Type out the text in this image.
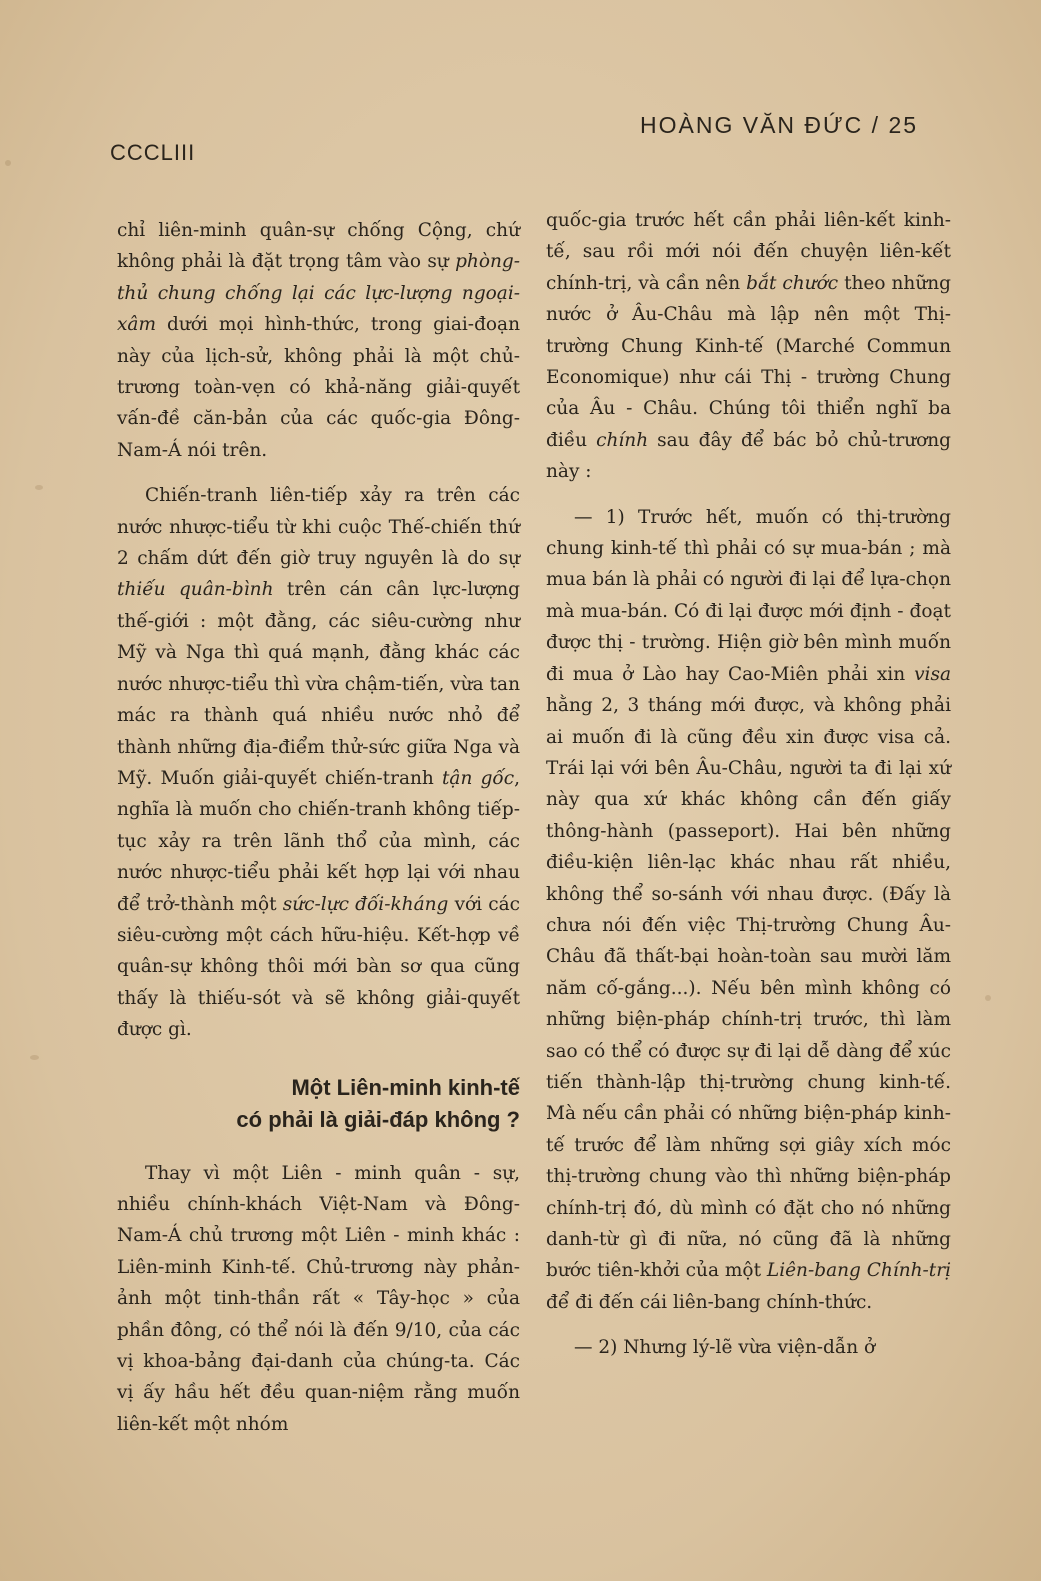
CCCLIII
HOÀNG VĂN ĐỨC / 25

chỉ liên-minh quân-sự chống Cộng, chứ không phải là đặt trọng tâm vào sự phòng-thủ chung chống lại các lực-lượng ngoại-xâm dưới mọi hình-thức, trong giai-đoạn này của lịch-sử, không phải là một chủ-trương toàn-vẹn có khả-năng giải-quyết vấn-đề căn-bản của các quốc-gia Đông-Nam-Á nói trên.

Chiến-tranh liên-tiếp xảy ra trên các nước nhược-tiểu từ khi cuộc Thế-chiến thứ 2 chấm dứt đến giờ truy nguyên là do sự thiếu quân-bình trên cán cân lực-lượng thế-giới : một đằng, các siêu-cường như Mỹ và Nga thì quá mạnh, đằng khác các nước nhược-tiểu thì vừa chậm-tiến, vừa tan mác ra thành quá nhiều nước nhỏ để thành những địa-điểm thử-sức giữa Nga và Mỹ. Muốn giải-quyết chiến-tranh tận gốc, nghĩa là muốn cho chiến-tranh không tiếp-tục xảy ra trên lãnh thổ của mình, các nước nhược-tiểu phải kết hợp lại với nhau để trở-thành một sức-lực đối-kháng với các siêu-cường một cách hữu-hiệu. Kết-hợp về quân-sự không thôi mới bàn sơ qua cũng thấy là thiếu-sót và sẽ không giải-quyết được gì.

Một Liên-minh kinh-tế
có phải là giải-đáp không ?

Thay vì một Liên - minh quân - sự, nhiều chính-khách Việt-Nam và Đông-Nam-Á chủ trương một Liên - minh khác : Liên-minh Kinh-tế. Chủ-trương này phản-ảnh một tinh-thần rất « Tây-học » của phần đông, có thể nói là đến 9/10, của các vị khoa-bảng đại-danh của chúng-ta. Các vị ấy hầu hết đều quan-niệm rằng muốn liên-kết một nhóm

quốc-gia trước hết cần phải liên-kết kinh-tế, sau rồi mới nói đến chuyện liên-kết chính-trị, và cần nên bắt chước theo những nước ở Âu-Châu mà lập nên một Thị-trường Chung Kinh-tế (Marché Commun Economique) như cái Thị - trường Chung của Âu - Châu. Chúng tôi thiển nghĩ ba điều chính sau đây để bác bỏ chủ-trương này :

— 1) Trước hết, muốn có thị-trường chung kinh-tế thì phải có sự mua-bán ; mà mua bán là phải có người đi lại để lựa-chọn mà mua-bán. Có đi lại được mới định - đoạt được thị - trường. Hiện giờ bên mình muốn đi mua ở Lào hay Cao-Miên phải xin visa hằng 2, 3 tháng mới được, và không phải ai muốn đi là cũng đều xin được visa cả. Trái lại với bên Âu-Châu, người ta đi lại xứ này qua xứ khác không cần đến giấy thông-hành (passeport). Hai bên những điều-kiện liên-lạc khác nhau rất nhiều, không thể so-sánh với nhau được. (Đấy là chưa nói đến việc Thị-trường Chung Âu-Châu đã thất-bại hoàn-toàn sau mười lăm năm cố-gắng...). Nếu bên mình không có những biện-pháp chính-trị trước, thì làm sao có thể có được sự đi lại dễ dàng để xúc tiến thành-lập thị-trường chung kinh-tế. Mà nếu cần phải có những biện-pháp kinh-tế trước để làm những sợi giây xích móc thị-trường chung vào thì những biện-pháp chính-trị đó, dù mình có đặt cho nó những danh-từ gì đi nữa, nó cũng đã là những bước tiên-khởi của một Liên-bang Chính-trị để đi đến cái liên-bang chính-thức.

— 2) Nhưng lý-lẽ vừa viện-dẫn ở
